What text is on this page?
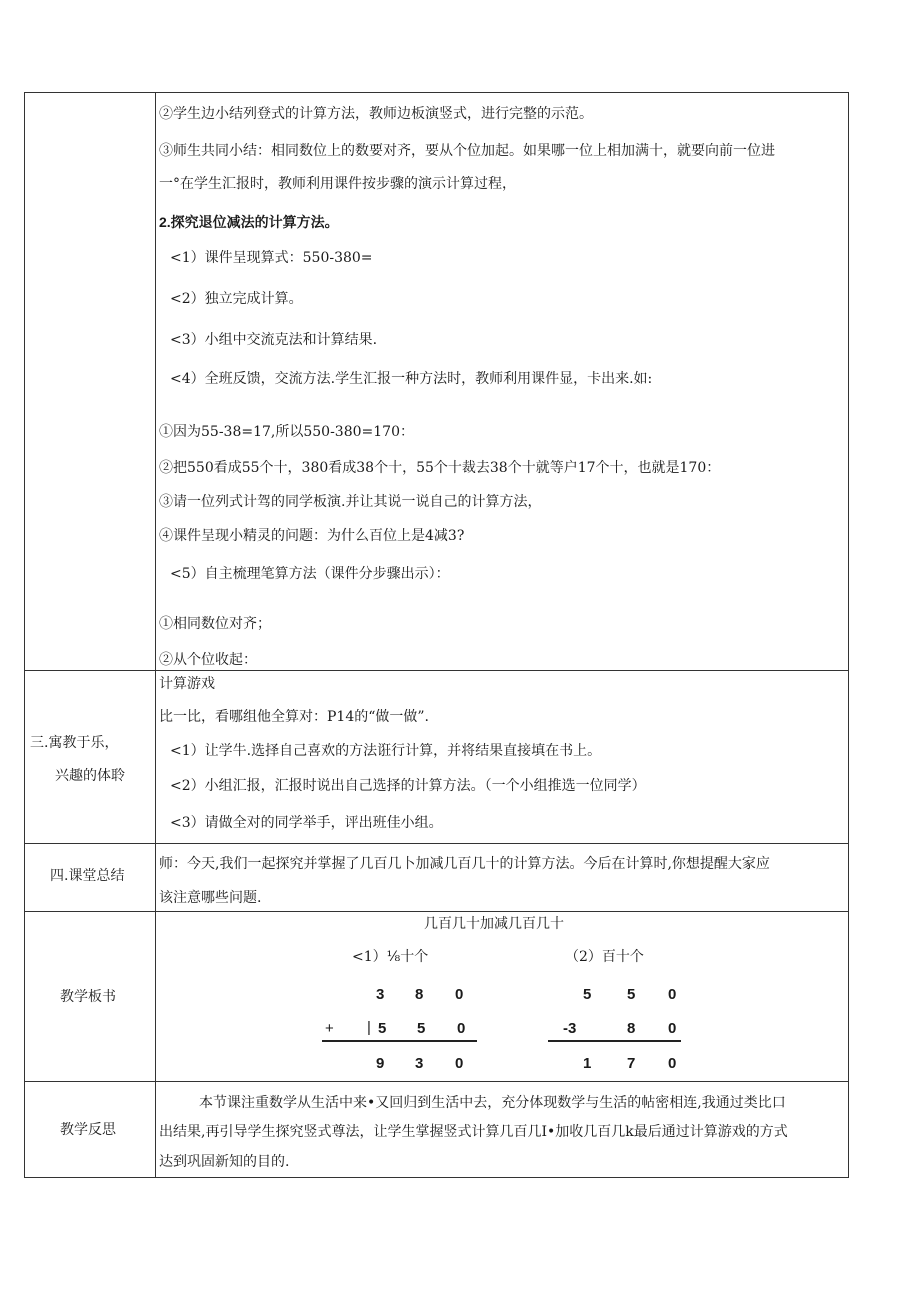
②学生边小结列登式的计算方法，教师边板演竖式，进行完整的示范。
③师生共同小结：相同数位上的数要对齐，要从个位加起。如果哪一位上相加满十，就要向前一位进
一°在学生汇报时，教师利用课件按步骤的演示计算过程，
2.探究退位减法的计算方法。
<1）课件呈现算式：550-380=
<2）独立完成计算。
<3）小组中交流克法和计算结果.
<4）全班反馈，交流方法.学生汇报一种方法时，教师利用课件显，卡出来.如:
①因为55-38=17,所以550-380=170：
②把550看成55个十，380看成38个十，55个十裁去38个十就等户17个十，也就是170：
③请一位列式计驾的同学板演.并让其说一说自己的计算方法，
④课件呈现小精灵的问题：为什么百位上是4减3?
<5）自主梳理笔算方法（课件分步骤出示）：
①相同数位对齐；
②从个位收起：
三.寓教于乐，
兴趣的体聆
计算游戏
比一比，看哪组他全算对：P14的“做一做”.
<1）让学牛.选择自己喜欢的方法诳行计算，并将结果直接填在书上。
<2）小组汇报，汇报时说出自己选择的计算方法。（一个小组推选一位同学）
<3）请做全对的同学举手，评出班佳小组。
四.课堂总结
师：今天,我们一起探究并掌握了几百几卜加减几百几十的计算方法。今后在计算时,你想提醒大家应
该注意哪些问题.
教学板书
几百几十加减几百几十
<1）⅛十个
3 8 0
+ | 5 5 0
9 3 0
（2）百十个
5 5 0
-3	8 0
1 7 0
教学反思
本节课注重数学从生活中来•又回归到生活中去，充分体现数学与生活的帖密相连,我通过类比口
出结果,再引导学生探究竖式尊法，让学生掌握竖式计算几百几I•加收几百几k最后通过计算游戏的方式
达到巩固新知的目的.
